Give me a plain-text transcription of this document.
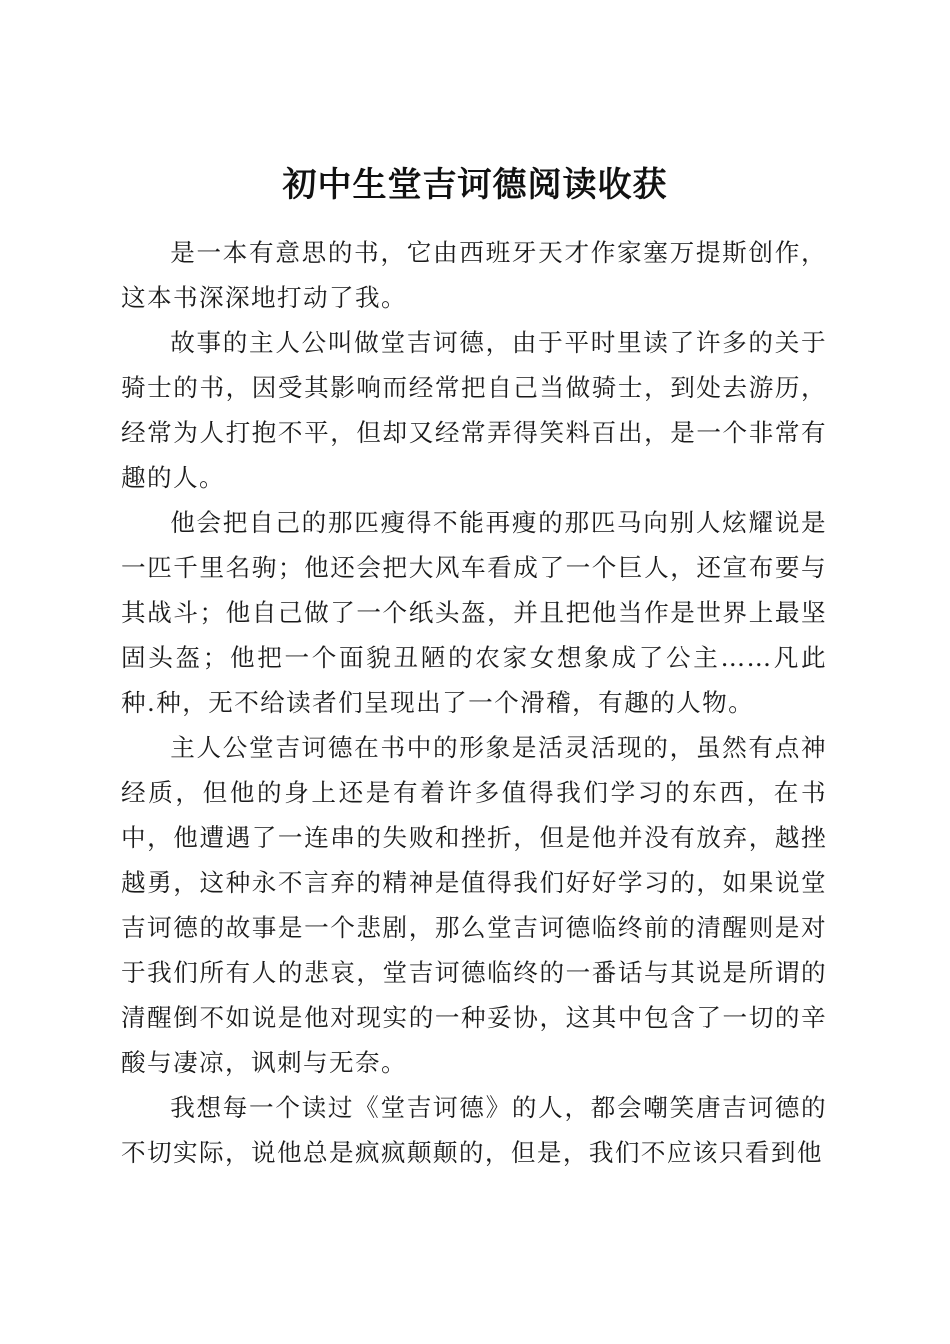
初中生堂吉诃德阅读收获

是一本有意思的书，它由西班牙天才作家塞万提斯创作，这本书深深地打动了我。

故事的主人公叫做堂吉诃德，由于平时里读了许多的关于骑士的书，因受其影响而经常把自己当做骑士，到处去游历，经常为人打抱不平，但却又经常弄得笑料百出，是一个非常有趣的人。

他会把自己的那匹瘦得不能再瘦的那匹马向别人炫耀说是一匹千里名驹；他还会把大风车看成了一个巨人，还宣布要与其战斗；他自己做了一个纸头盔，并且把他当作是世界上最坚固头盔；他把一个面貌丑陋的农家女想象成了公主……凡此种.种，无不给读者们呈现出了一个滑稽，有趣的人物。

主人公堂吉诃德在书中的形象是活灵活现的，虽然有点神经质，但他的身上还是有着许多值得我们学习的东西，在书中，他遭遇了一连串的失败和挫折，但是他并没有放弃，越挫越勇，这种永不言弃的精神是值得我们好好学习的，如果说堂吉诃德的故事是一个悲剧，那么堂吉诃德临终前的清醒则是对于我们所有人的悲哀，堂吉诃德临终的一番话与其说是所谓的清醒倒不如说是他对现实的一种妥协，这其中包含了一切的辛酸与凄凉，讽刺与无奈。

我想每一个读过《堂吉诃德》的人，都会嘲笑唐吉诃德的不切实际，说他总是疯疯颠颠的，但是，我们不应该只看到他
